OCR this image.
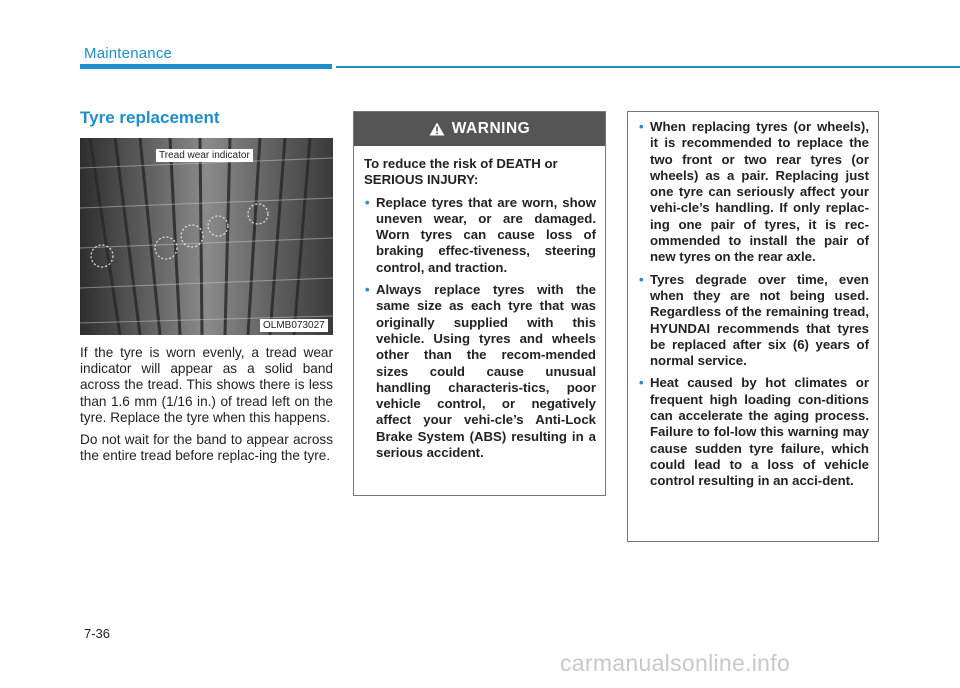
Maintenance
Tyre replacement
Tread wear indicator
OLMB073027

If the tyre is worn evenly, a tread wear indicator will appear as a solid band across the tread. This shows there is less than 1.6 mm (1/16 in.) of tread left on the tyre. Replace the tyre when this happens.

Do not wait for the band to appear across the entire tread before replac-ing the tyre.

WARNING

To reduce the risk of DEATH or SERIOUS INJURY:

• Replace tyres that are worn, show uneven wear, or are damaged. Worn tyres can cause loss of braking effec-tiveness, steering control, and traction.
• Always replace tyres with the same size as each tyre that was originally supplied with this vehicle. Using tyres and wheels other than the recom-mended sizes could cause unusual handling characteris-tics, poor vehicle control, or negatively affect your vehi-cle’s Anti-Lock Brake System (ABS) resulting in a serious accident.
• When replacing tyres (or wheels), it is recommended to replace the two front or two rear tyres (or wheels) as a pair. Replacing just one tyre can seriously affect your vehi-cle’s handling. If only replac-ing one pair of tyres, it is rec-ommended to install the pair of new tyres on the rear axle.
• Tyres degrade over time, even when they are not being used. Regardless of the remaining tread, HYUNDAI recommends that tyres be replaced after six (6) years of normal service.
• Heat caused by hot climates or frequent high loading con-ditions can accelerate the aging process. Failure to fol-low this warning may cause sudden tyre failure, which could lead to a loss of vehicle control resulting in an acci-dent.
7-36
carmanualsonline.info
